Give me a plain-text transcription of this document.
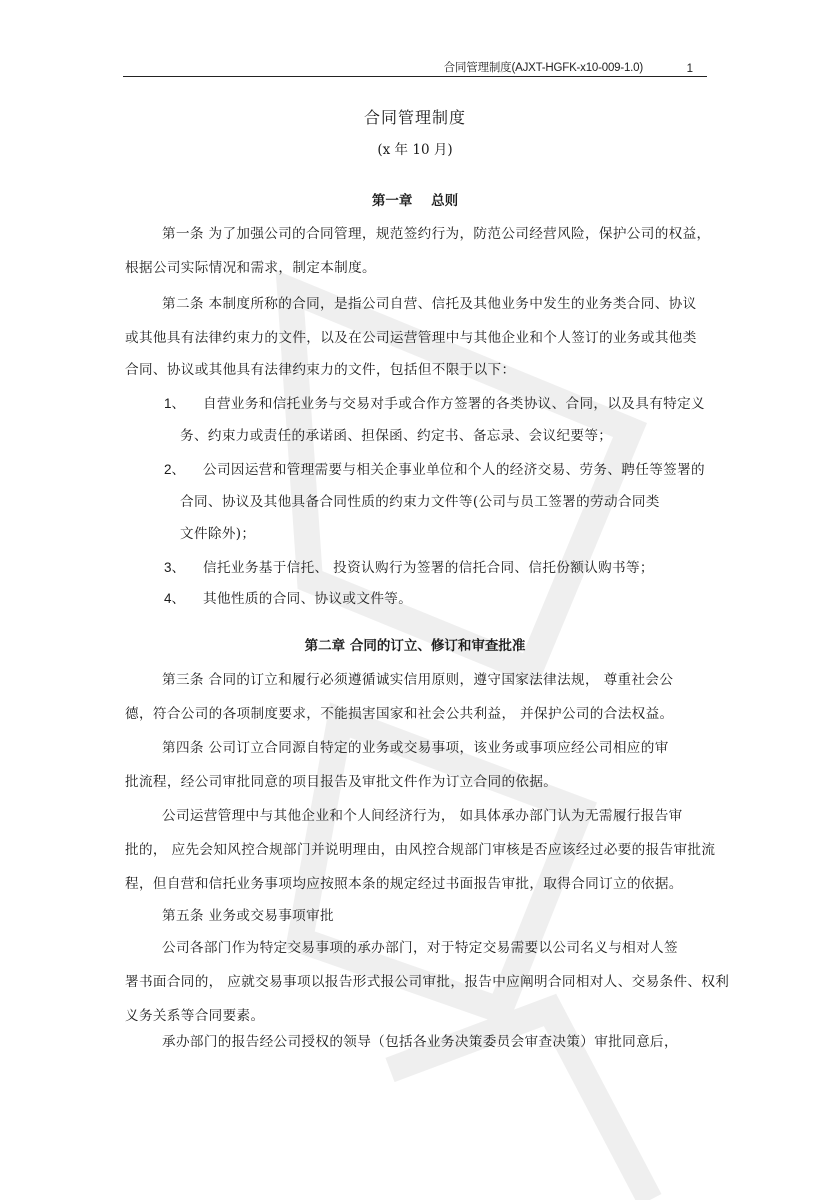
合同管理制度(AJXT-HGFK-x10-009-1.0)	1
合同管理制度
(x 年 10 月)
第一章    总则
第一条 为了加强公司的合同管理，规范签约行为，防范公司经营风险，保护公司的权益，
根据公司实际情况和需求，制定本制度。
第二条 本制度所称的合同，是指公司自营、信托及其他业务中发生的业务类合同、协议
或其他具有法律约束力的文件，以及在公司运营管理中与其他企业和个人签订的业务或其他类
合同、协议或其他具有法律约束力的文件，包括但不限于以下：
1、 自营业务和信托业务与交易对手或合作方签署的各类协议、合同，以及具有特定义
务、约束力或责任的承诺函、担保函、约定书、备忘录、会议纪要等；
2、 公司因运营和管理需要与相关企事业单位和个人的经济交易、劳务、聘任等签署的
合同、协议及其他具备合同性质的约束力文件等(公司与员工签署的劳动合同类
文件除外)；
3、 信托业务基于信托、 投资认购行为签署的信托合同、信托份额认购书等；
4、 其他性质的合同、协议或文件等。
第二章 合同的订立、修订和审查批准
第三条 合同的订立和履行必须遵循诚实信用原则，遵守国家法律法规， 尊重社会公
德，符合公司的各项制度要求，不能损害国家和社会公共利益， 并保护公司的合法权益。
第四条 公司订立合同源自特定的业务或交易事项，该业务或事项应经公司相应的审
批流程，经公司审批同意的项目报告及审批文件作为订立合同的依据。
公司运营管理中与其他企业和个人间经济行为， 如具体承办部门认为无需履行报告审
批的， 应先会知风控合规部门并说明理由，由风控合规部门审核是否应该经过必要的报告审批流
程，但自营和信托业务事项均应按照本条的规定经过书面报告审批，取得合同订立的依据。
第五条 业务或交易事项审批
公司各部门作为特定交易事项的承办部门，对于特定交易需要以公司名义与相对人签
署书面合同的， 应就交易事项以报告形式报公司审批，报告中应阐明合同相对人、交易条件、权利
义务关系等合同要素。
承办部门的报告经公司授权的领导（包括各业务决策委员会审查决策）审批同意后，
